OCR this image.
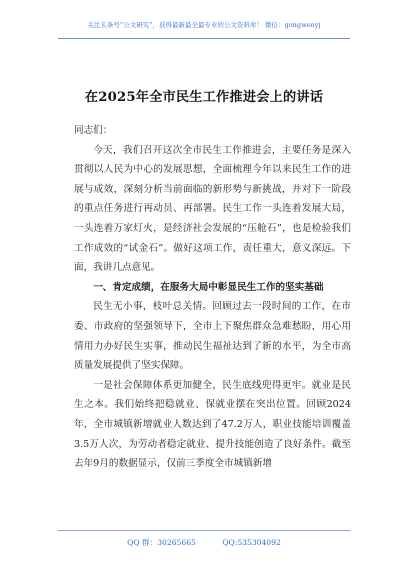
关注头条号“公文研究”，获得最新最全最专业的公文资料库！ 微信：gongwenyj
在2025年全市民生工作推进会上的讲话

同志们：

今天，我们召开这次全市民生工作推进会，主要任务是深入贯彻以人民为中心的发展思想，全面梳理今年以来民生工作的进展与成效，深刻分析当前面临的新形势与新挑战，并对下一阶段的重点任务进行再动员、再部署。民生工作一头连着发展大局，一头连着万家灯火，是经济社会发展的“压舱石”，也是检验我们工作成效的“试金石”。做好这项工作，责任重大，意义深远。下面，我讲几点意见。

一、肯定成绩，在服务大局中彰显民生工作的坚实基础

民生无小事，枝叶总关情。回顾过去一段时间的工作，在市委、市政府的坚强领导下，全市上下聚焦群众急难愁盼，用心用情用力办好民生实事，推动民生福祉达到了新的水平，为全市高质量发展提供了坚实保障。

一是社会保障体系更加健全，民生底线兜得更牢。就业是民生之本。我们始终把稳就业、保就业摆在突出位置。回顾2024年，全市城镇新增就业人数达到了47.2万人，职业技能培训覆盖3.5万人次，为劳动者稳定就业、提升技能创造了良好条件。截至去年9月的数据显示，仅前三季度全市城镇新增

QQ 群：30265665	QQ:535304092
